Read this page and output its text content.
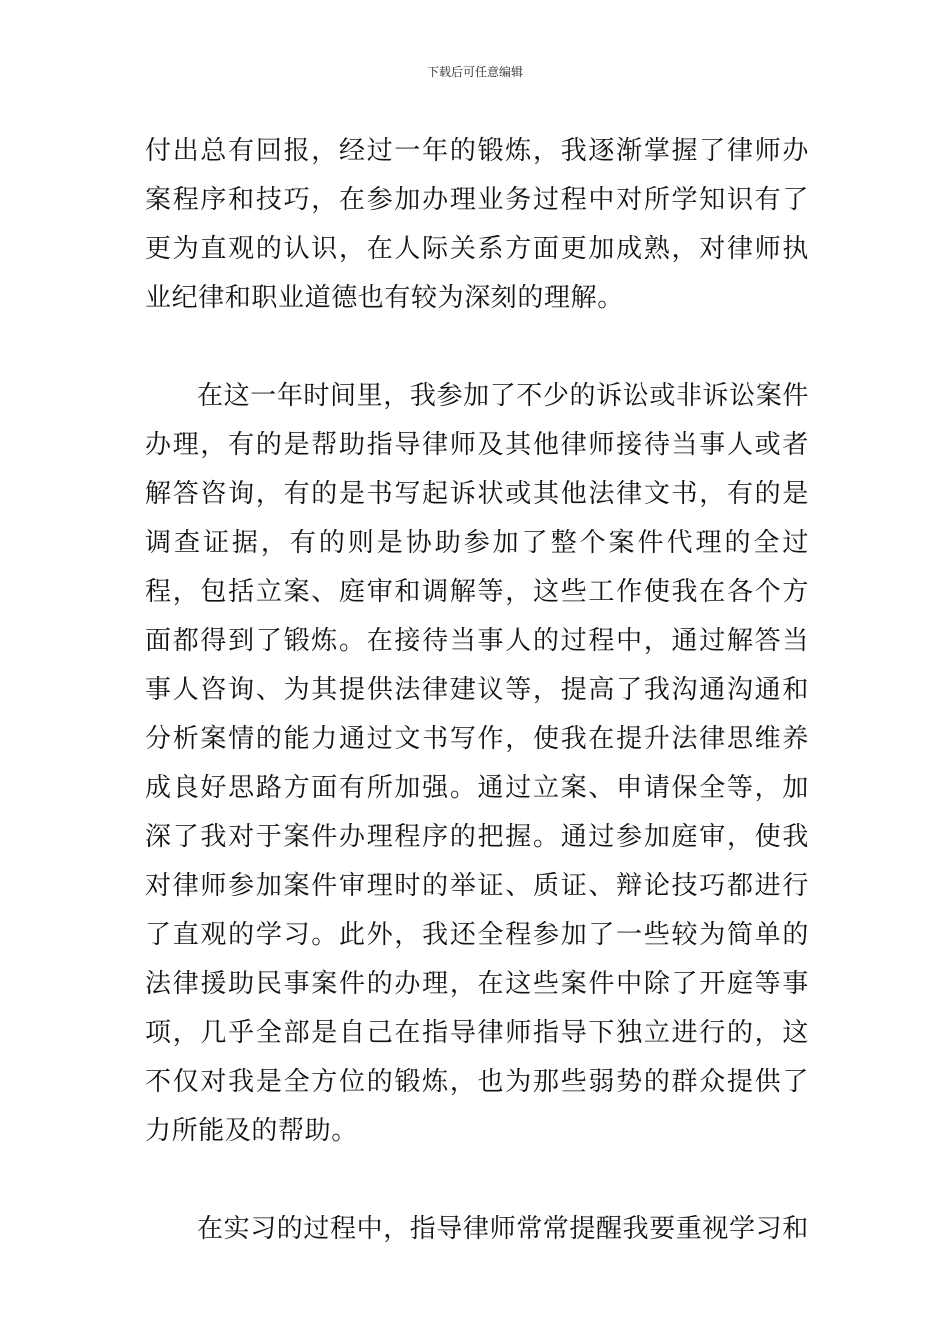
下载后可任意编辑

付出总有回报，经过一年的锻炼，我逐渐掌握了律师办案程序和技巧，在参加办理业务过程中对所学知识有了更为直观的认识，在人际关系方面更加成熟，对律师执业纪律和职业道德也有较为深刻的理解。

在这一年时间里，我参加了不少的诉讼或非诉讼案件办理，有的是帮助指导律师及其他律师接待当事人或者解答咨询，有的是书写起诉状或其他法律文书，有的是调查证据，有的则是协助参加了整个案件代理的全过程，包括立案、庭审和调解等，这些工作使我在各个方面都得到了锻炼。在接待当事人的过程中，通过解答当事人咨询、为其提供法律建议等，提高了我沟通沟通和分析案情的能力通过文书写作，使我在提升法律思维养成良好思路方面有所加强。通过立案、申请保全等，加深了我对于案件办理程序的把握。通过参加庭审，使我对律师参加案件审理时的举证、质证、辩论技巧都进行了直观的学习。此外，我还全程参加了一些较为简单的法律援助民事案件的办理，在这些案件中除了开庭等事项，几乎全部是自己在指导律师指导下独立进行的，这不仅对我是全方位的锻炼，也为那些弱势的群众提供了力所能及的帮助。

在实习的过程中，指导律师常常提醒我要重视学习和
